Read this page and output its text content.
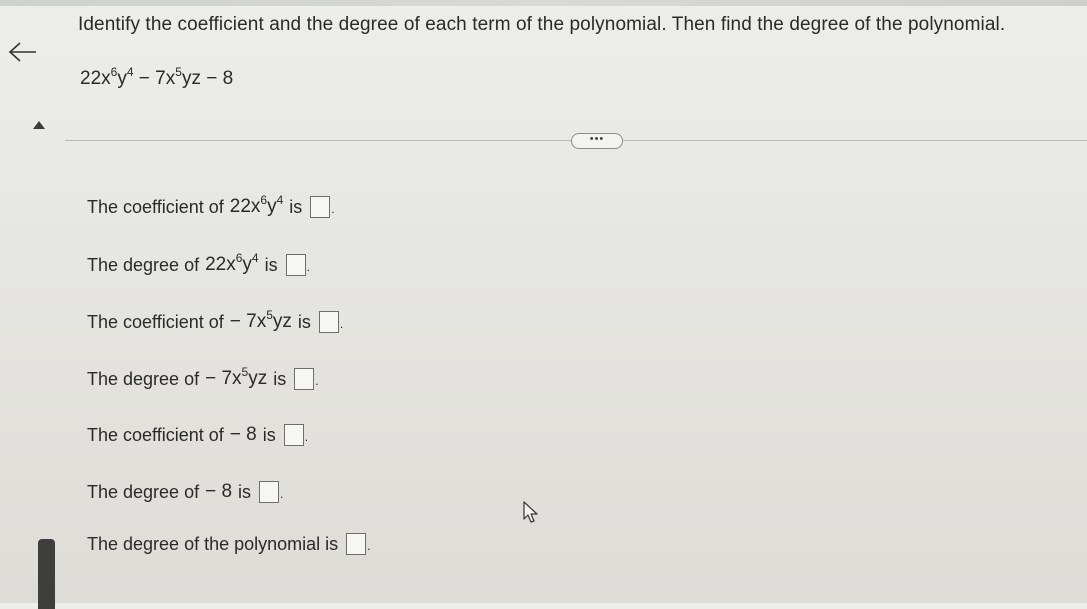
Identify the coefficient and the degree of each term of the polynomial. Then find the degree of the polynomial.
$22x^6y^4 - 7x^5yz - 8$
•••
The coefficient of $22x^6y^4$ is .
The degree of $22x^6y^4$ is .
The coefficient of − $7x^5yz$ is .
The degree of − $7x^5yz$ is .
The coefficient of − 8 is .
The degree of − 8 is .
The degree of the polynomial is .
